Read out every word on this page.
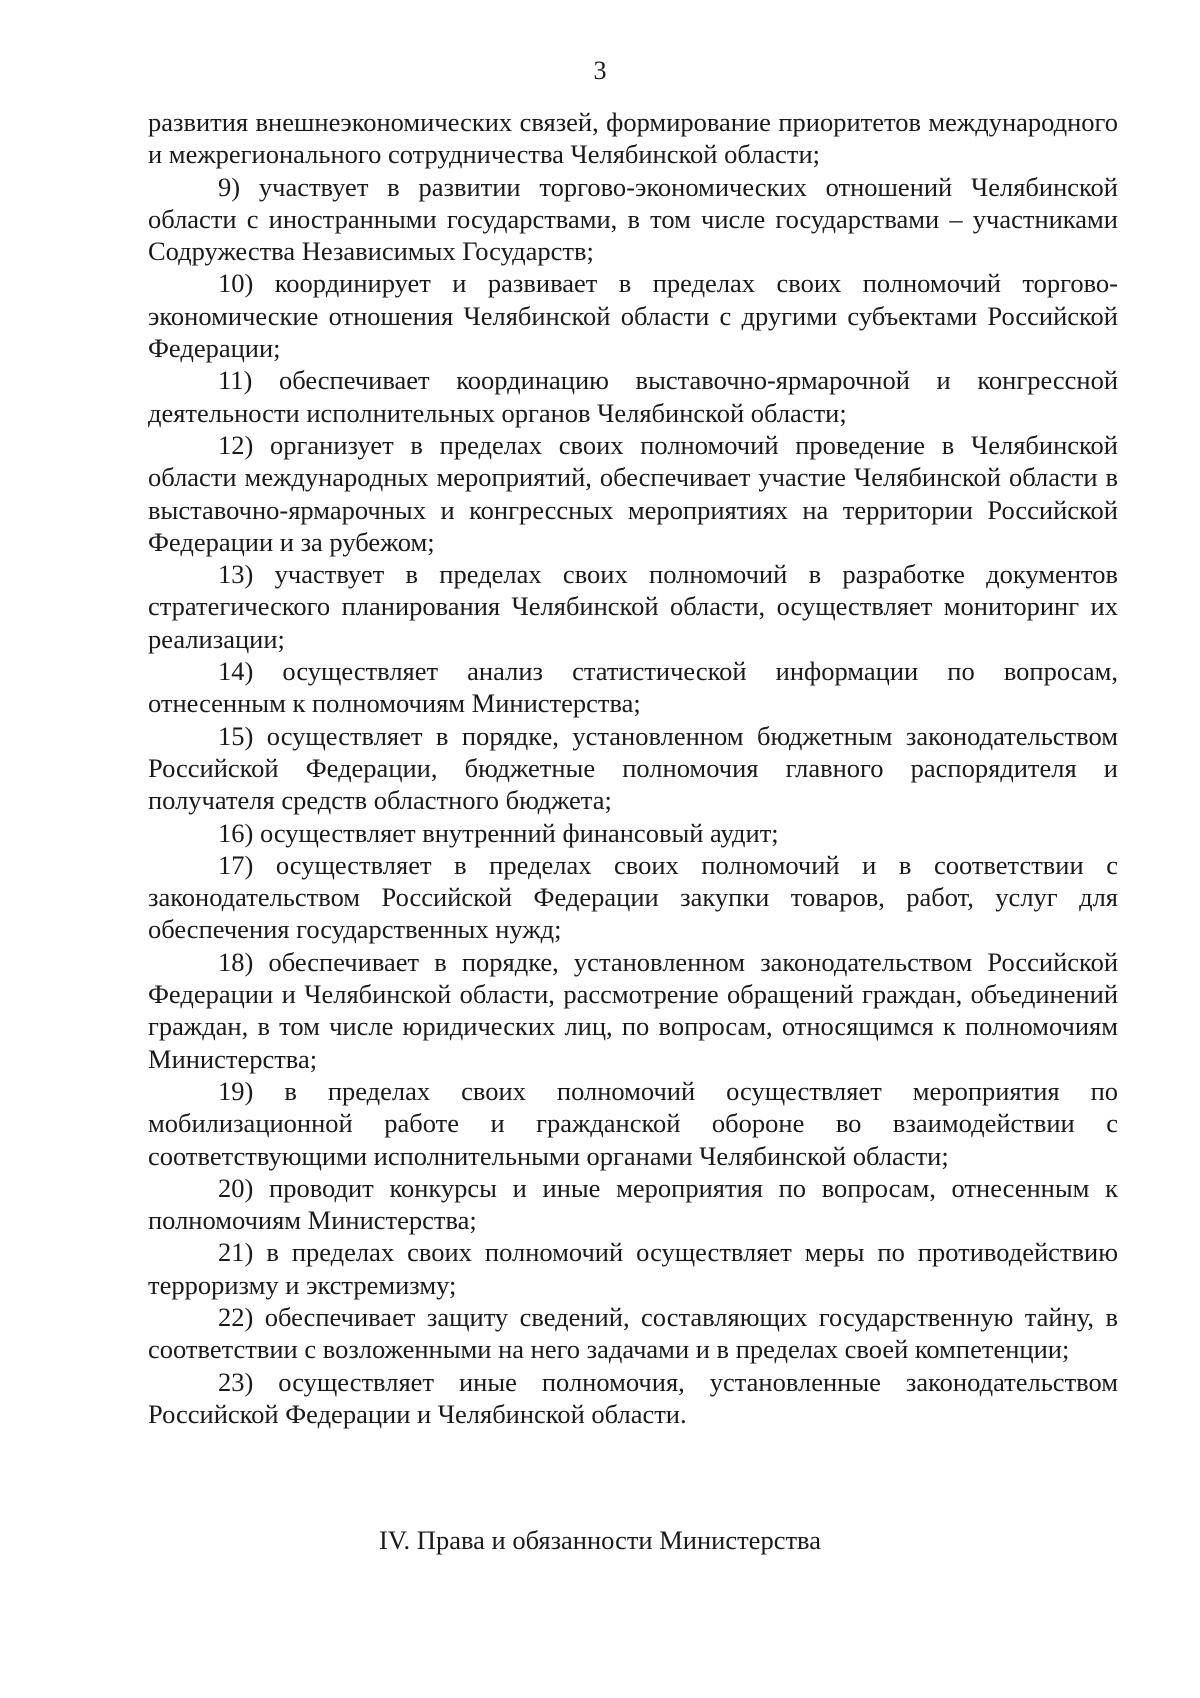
3

развития внешнеэкономических связей, формирование приоритетов международного и межрегионального сотрудничества Челябинской области;

9) участвует в развитии торгово-экономических отношений Челябинской области с иностранными государствами, в том числе государствами – участниками Содружества Независимых Государств;

10) координирует и развивает в пределах своих полномочий торгово-экономические отношения Челябинской области с другими субъектами Российской Федерации;

11) обеспечивает координацию выставочно-ярмарочной и конгрессной деятельности исполнительных органов Челябинской области;

12) организует в пределах своих полномочий проведение в Челябинской области международных мероприятий, обеспечивает участие Челябинской области в выставочно-ярмарочных и конгрессных мероприятиях на территории Российской Федерации и за рубежом;

13) участвует в пределах своих полномочий в разработке документов стратегического планирования Челябинской области, осуществляет мониторинг их реализации;

14) осуществляет анализ статистической информации по вопросам, отнесенным к полномочиям Министерства;

15) осуществляет в порядке, установленном бюджетным законодательством Российской Федерации, бюджетные полномочия главного распорядителя и получателя средств областного бюджета;

16) осуществляет внутренний финансовый аудит;

17) осуществляет в пределах своих полномочий и в соответствии с законодательством Российской Федерации закупки товаров, работ, услуг для обеспечения государственных нужд;

18) обеспечивает в порядке, установленном законодательством Российской Федерации и Челябинской области, рассмотрение обращений граждан, объединений граждан, в том числе юридических лиц, по вопросам, относящимся к полномочиям Министерства;

19) в пределах своих полномочий осуществляет мероприятия по мобилизационной работе и гражданской обороне во взаимодействии с соответствующими исполнительными органами Челябинской области;

20) проводит конкурсы и иные мероприятия по вопросам, отнесенным к полномочиям Министерства;

21) в пределах своих полномочий осуществляет меры по противодействию терроризму и экстремизму;

22) обеспечивает защиту сведений, составляющих государственную тайну, в соответствии с возложенными на него задачами и в пределах своей компетенции;

23) осуществляет иные полномочия, установленные законодательством Российской Федерации и Челябинской области.

IV. Права и обязанности Министерства
